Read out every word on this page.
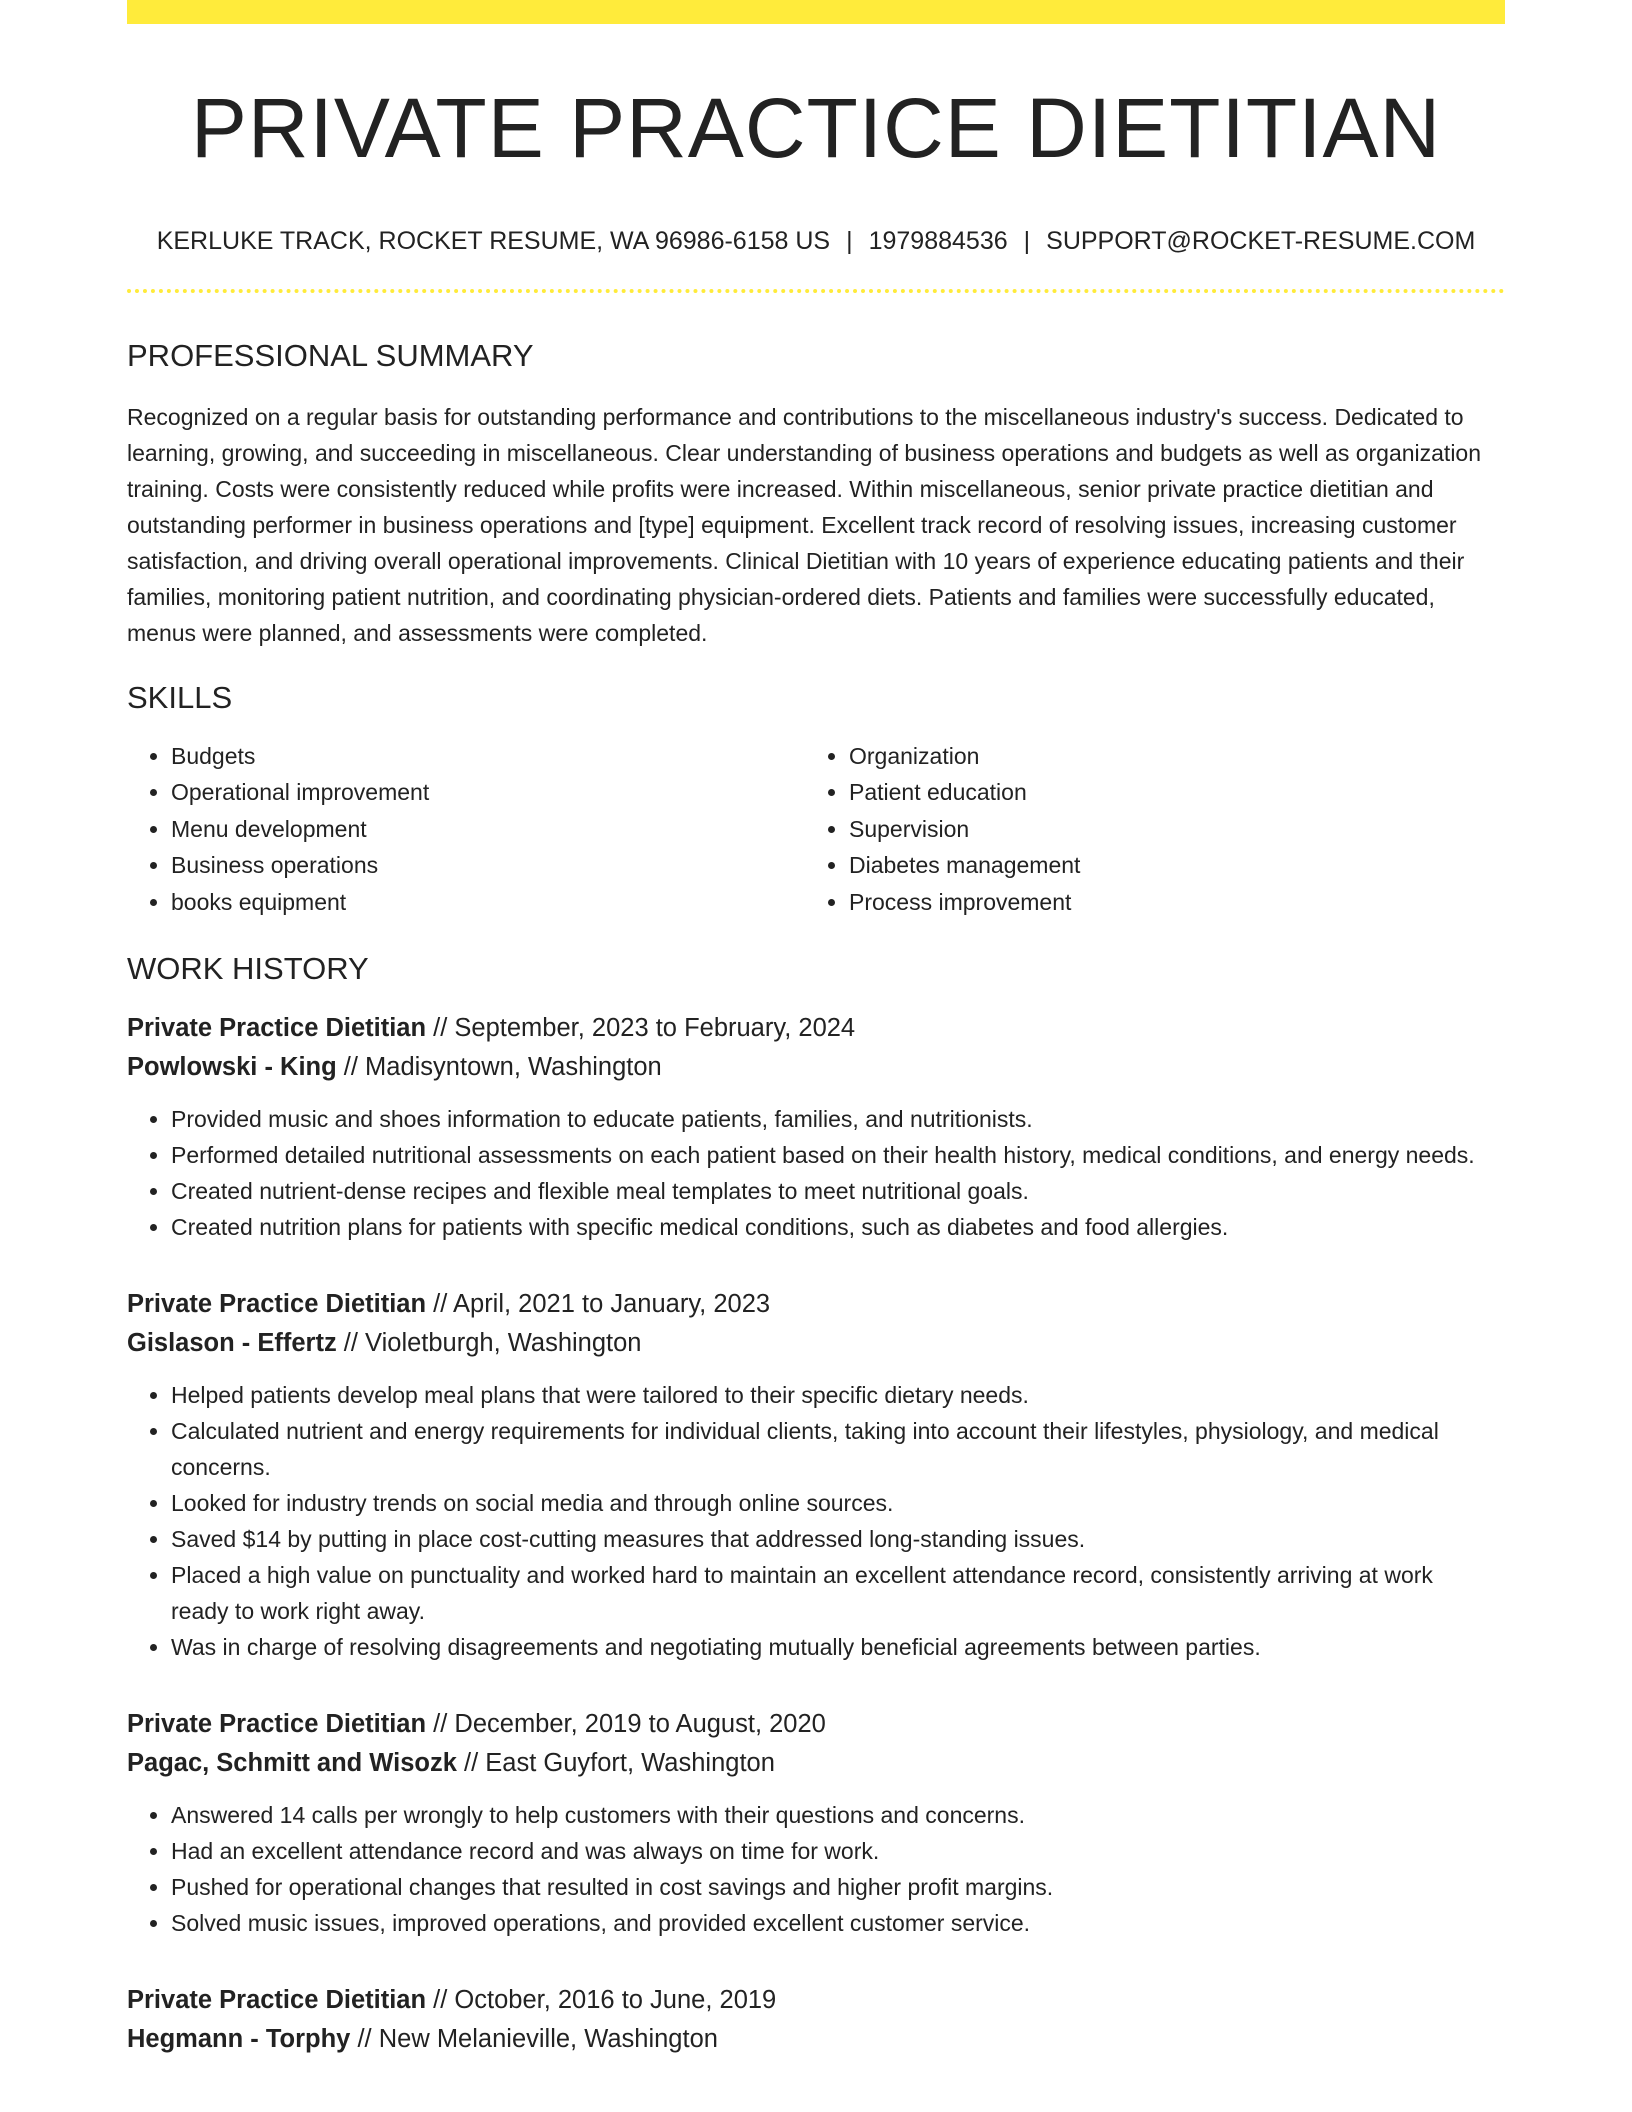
PRIVATE PRACTICE DIETITIAN
KERLUKE TRACK, ROCKET RESUME, WA 96986-6158 US | 1979884536 | SUPPORT@ROCKET-RESUME.COM
PROFESSIONAL SUMMARY
Recognized on a regular basis for outstanding performance and contributions to the miscellaneous industry's success. Dedicated to learning, growing, and succeeding in miscellaneous. Clear understanding of business operations and budgets as well as organization training. Costs were consistently reduced while profits were increased. Within miscellaneous, senior private practice dietitian and outstanding performer in business operations and [type] equipment. Excellent track record of resolving issues, increasing customer satisfaction, and driving overall operational improvements. Clinical Dietitian with 10 years of experience educating patients and their families, monitoring patient nutrition, and coordinating physician-ordered diets. Patients and families were successfully educated, menus were planned, and assessments were completed.
SKILLS
• Budgets
• Operational improvement
• Menu development
• Business operations
• books equipment
• Organization
• Patient education
• Supervision
• Diabetes management
• Process improvement
WORK HISTORY
Private Practice Dietitian // September, 2023 to February, 2024
Powlowski - King // Madisyntown, Washington
• Provided music and shoes information to educate patients, families, and nutritionists.
• Performed detailed nutritional assessments on each patient based on their health history, medical conditions, and energy needs.
• Created nutrient-dense recipes and flexible meal templates to meet nutritional goals.
• Created nutrition plans for patients with specific medical conditions, such as diabetes and food allergies.
Private Practice Dietitian // April, 2021 to January, 2023
Gislason - Effertz // Violetburgh, Washington
• Helped patients develop meal plans that were tailored to their specific dietary needs.
• Calculated nutrient and energy requirements for individual clients, taking into account their lifestyles, physiology, and medical concerns.
• Looked for industry trends on social media and through online sources.
• Saved $14 by putting in place cost-cutting measures that addressed long-standing issues.
• Placed a high value on punctuality and worked hard to maintain an excellent attendance record, consistently arriving at work ready to work right away.
• Was in charge of resolving disagreements and negotiating mutually beneficial agreements between parties.
Private Practice Dietitian // December, 2019 to August, 2020
Pagac, Schmitt and Wisozk // East Guyfort, Washington
• Answered 14 calls per wrongly to help customers with their questions and concerns.
• Had an excellent attendance record and was always on time for work.
• Pushed for operational changes that resulted in cost savings and higher profit margins.
• Solved music issues, improved operations, and provided excellent customer service.
Private Practice Dietitian // October, 2016 to June, 2019
Hegmann - Torphy // New Melanieville, Washington
